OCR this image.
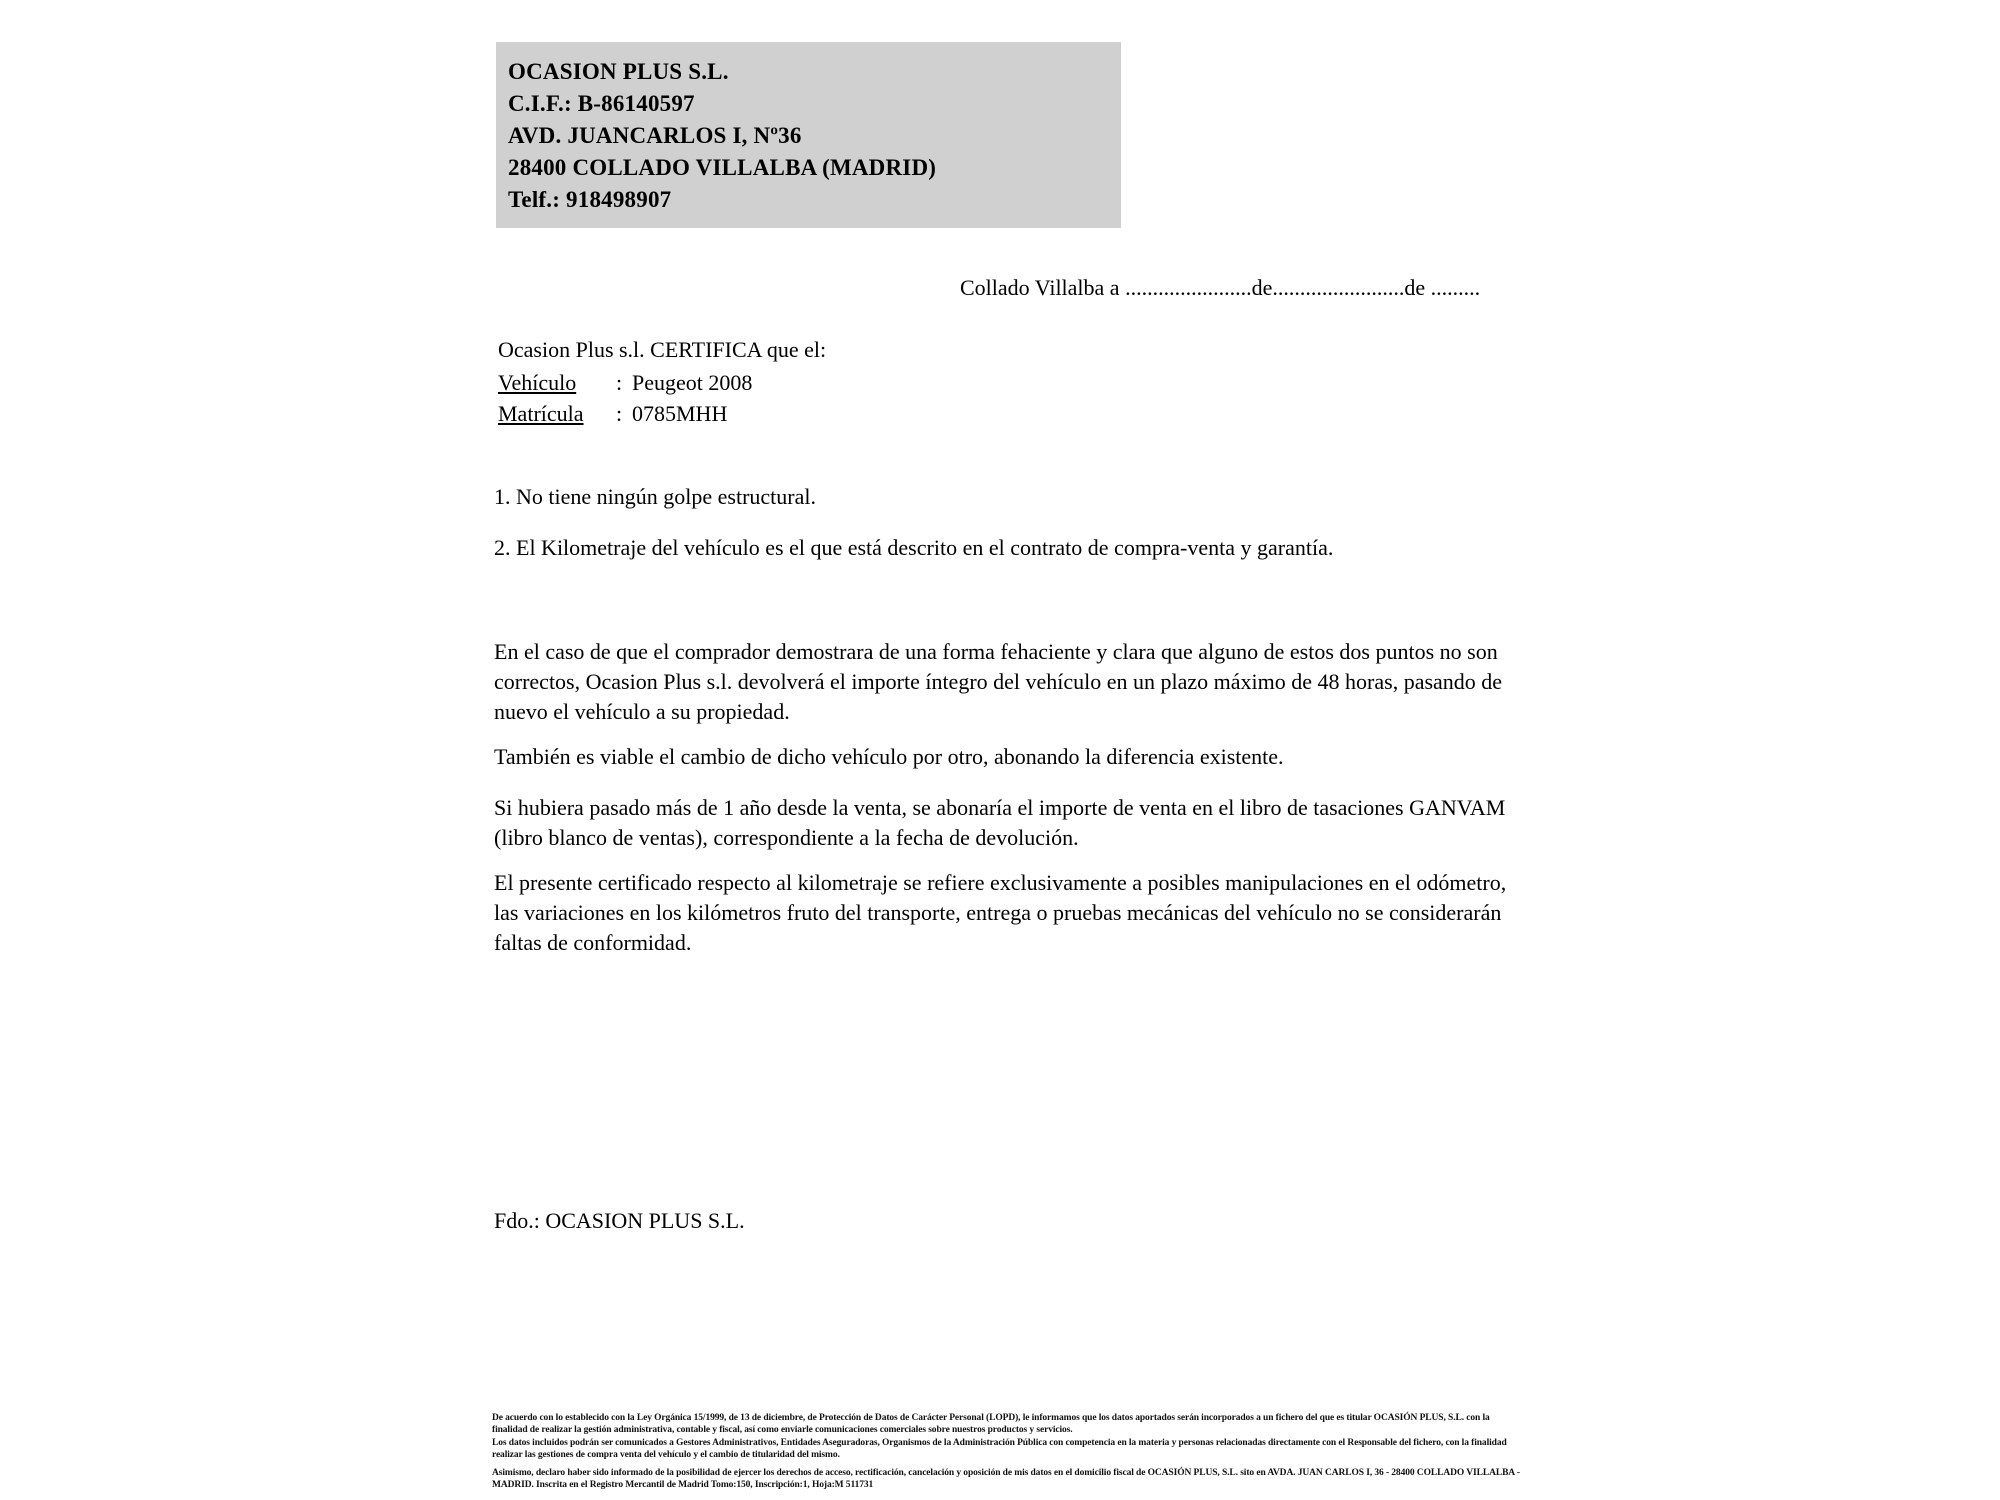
OCASION PLUS S.L.
C.I.F.: B-86140597
AVD. JUANCARLOS I, Nº36
28400 COLLADO VILLALBA (MADRID)
Telf.: 918498907
Collado Villalba a .......................de........................de .........
Ocasion Plus s.l. CERTIFICA que el:
Vehículo : Peugeot 2008
Matrícula : 0785MHH
1. No tiene ningún golpe estructural.
2. El Kilometraje del vehículo es el que está descrito en el contrato de compra-venta y garantía.
En el caso de que el comprador demostrara de una forma fehaciente y clara que alguno de estos dos puntos no son correctos, Ocasion Plus s.l. devolverá el importe íntegro del vehículo en un plazo máximo de 48 horas, pasando de nuevo el vehículo a su propiedad.
También es viable el cambio de dicho vehículo por otro, abonando la diferencia existente.
Si hubiera pasado más de 1 año desde la venta, se abonaría el importe de venta en el libro de tasaciones GANVAM (libro blanco de ventas), correspondiente a la fecha de devolución.
El presente certificado respecto al kilometraje se refiere exclusivamente a posibles manipulaciones en el odómetro, las variaciones en los kilómetros fruto del transporte, entrega o pruebas mecánicas del vehículo no se considerarán faltas de conformidad.
Fdo.: OCASION PLUS S.L.

De acuerdo con lo establecido con la Ley Orgánica 15/1999, de 13 de diciembre, de Protección de Datos de Carácter Personal (LOPD), le informamos que los datos aportados serán incorporados a un fichero del que es titular OCASIÓN PLUS, S.L. con la finalidad de realizar la gestión administrativa, contable y fiscal, así como enviarle comunicaciones comerciales sobre nuestros productos y servicios.

Los datos incluidos podrán ser comunicados a Gestores Administrativos, Entidades Aseguradoras, Organismos de la Administración Pública con competencia en la materia y personas relacionadas directamente con el Responsable del fichero, con la finalidad realizar las gestiones de compra venta del vehículo y el cambio de titularidad del mismo.

Asimismo, declaro haber sido informado de la posibilidad de ejercer los derechos de acceso, rectificación, cancelación y oposición de mis datos en el domicilio fiscal de OCASIÓN PLUS, S.L. sito en AVDA. JUAN CARLOS I, 36 - 28400 COLLADO VILLALBA - MADRID. Inscrita en el Registro Mercantil de Madrid Tomo:150, Inscripción:1, Hoja:M 511731
